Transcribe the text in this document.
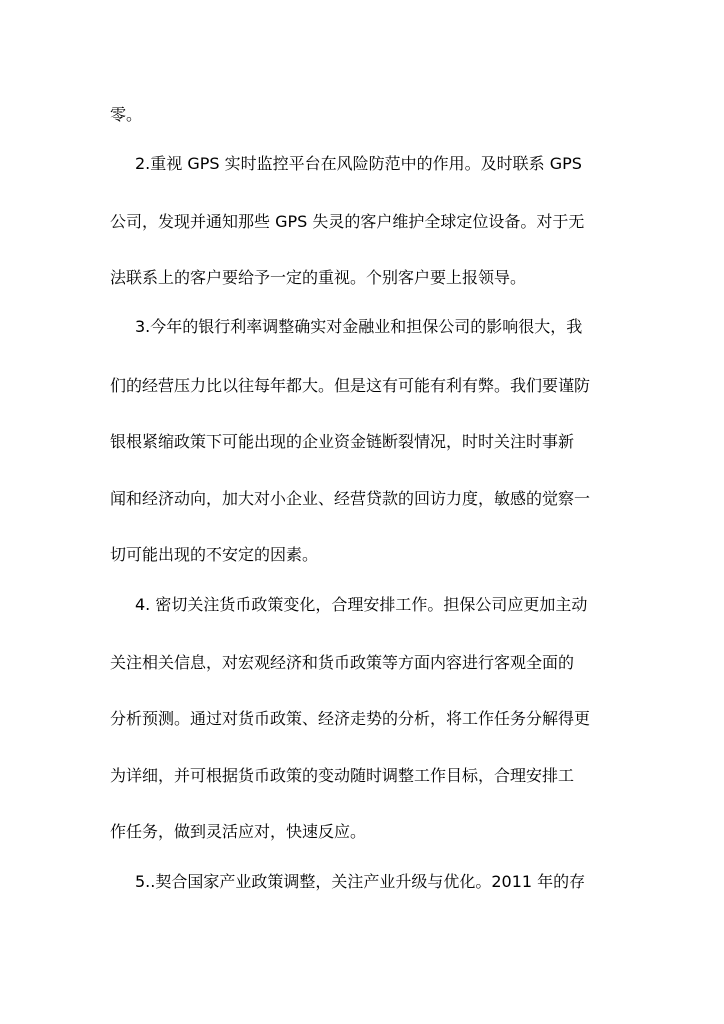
零。
2.重视 GPS 实时监控平台在风险防范中的作用。及时联系 GPS
公司，发现并通知那些 GPS 失灵的客户维护全球定位设备。对于无
法联系上的客户要给予一定的重视。个别客户要上报领导。
3.今年的银行利率调整确实对金融业和担保公司的影响很大，我
们的经营压力比以往每年都大。但是这有可能有利有弊。我们要谨防
银根紧缩政策下可能出现的企业资金链断裂情况，时时关注时事新
闻和经济动向，加大对小企业、经营贷款的回访力度，敏感的觉察一
切可能出现的不安定的因素。
4. 密切关注货币政策变化，合理安排工作。担保公司应更加主动
关注相关信息，对宏观经济和货币政策等方面内容进行客观全面的
分析预测。通过对货币政策、经济走势的分析，将工作任务分解得更
为详细，并可根据货币政策的变动随时调整工作目标，合理安排工
作任务，做到灵活应对，快速反应。
5..契合国家产业政策调整，关注产业升级与优化。2011 年的存
